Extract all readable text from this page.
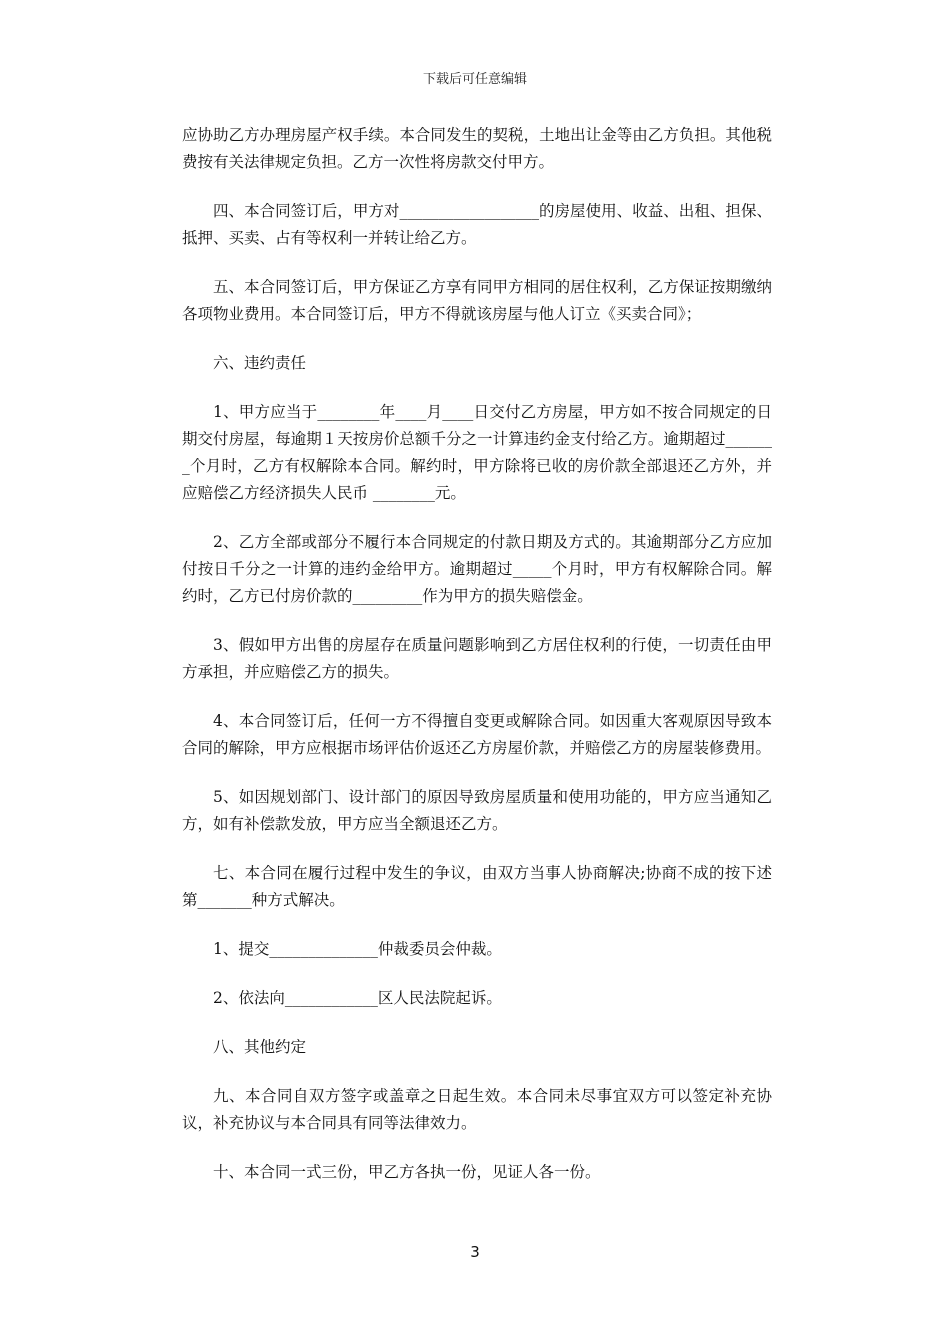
下载后可任意编辑

应协助乙方办理房屋产权手续。本合同发生的契税，土地出让金等由乙方负担。其他税费按有关法律规定负担。乙方一次性将房款交付甲方。

四、本合同签订后，甲方对__________________的房屋使用、收益、出租、担保、抵押、买卖、占有等权利一并转让给乙方。

五、本合同签订后，甲方保证乙方享有同甲方相同的居住权利，乙方保证按期缴纳各项物业费用。本合同签订后，甲方不得就该房屋与他人订立《买卖合同》；

六、违约责任

1、甲方应当于________年____月____日交付乙方房屋，甲方如不按合同规定的日期交付房屋，每逾期１天按房价总额千分之一计算违约金支付给乙方。逾期超过_______个月时，乙方有权解除本合同。解约时，甲方除将已收的房价款全部退还乙方外，并应赔偿乙方经济损失人民币 ________元。

2、乙方全部或部分不履行本合同规定的付款日期及方式的。其逾期部分乙方应加付按日千分之一计算的违约金给甲方。逾期超过_____个月时，甲方有权解除合同。解约时，乙方已付房价款的_________作为甲方的损失赔偿金。

3、假如甲方出售的房屋存在质量问题影响到乙方居住权利的行使，一切责任由甲方承担，并应赔偿乙方的损失。

4、本合同签订后，任何一方不得擅自变更或解除合同。如因重大客观原因导致本合同的解除，甲方应根据市场评估价返还乙方房屋价款，并赔偿乙方的房屋装修费用。

5、如因规划部门、设计部门的原因导致房屋质量和使用功能的，甲方应当通知乙方，如有补偿款发放，甲方应当全额退还乙方。

七、本合同在履行过程中发生的争议，由双方当事人协商解决;协商不成的按下述第_______种方式解决。

1、提交______________仲裁委员会仲裁。

2、依法向____________区人民法院起诉。

八、其他约定

九、本合同自双方签字或盖章之日起生效。本合同未尽事宜双方可以签定补充协议，补充协议与本合同具有同等法律效力。

十、本合同一式三份，甲乙方各执一份，见证人各一份。

3
